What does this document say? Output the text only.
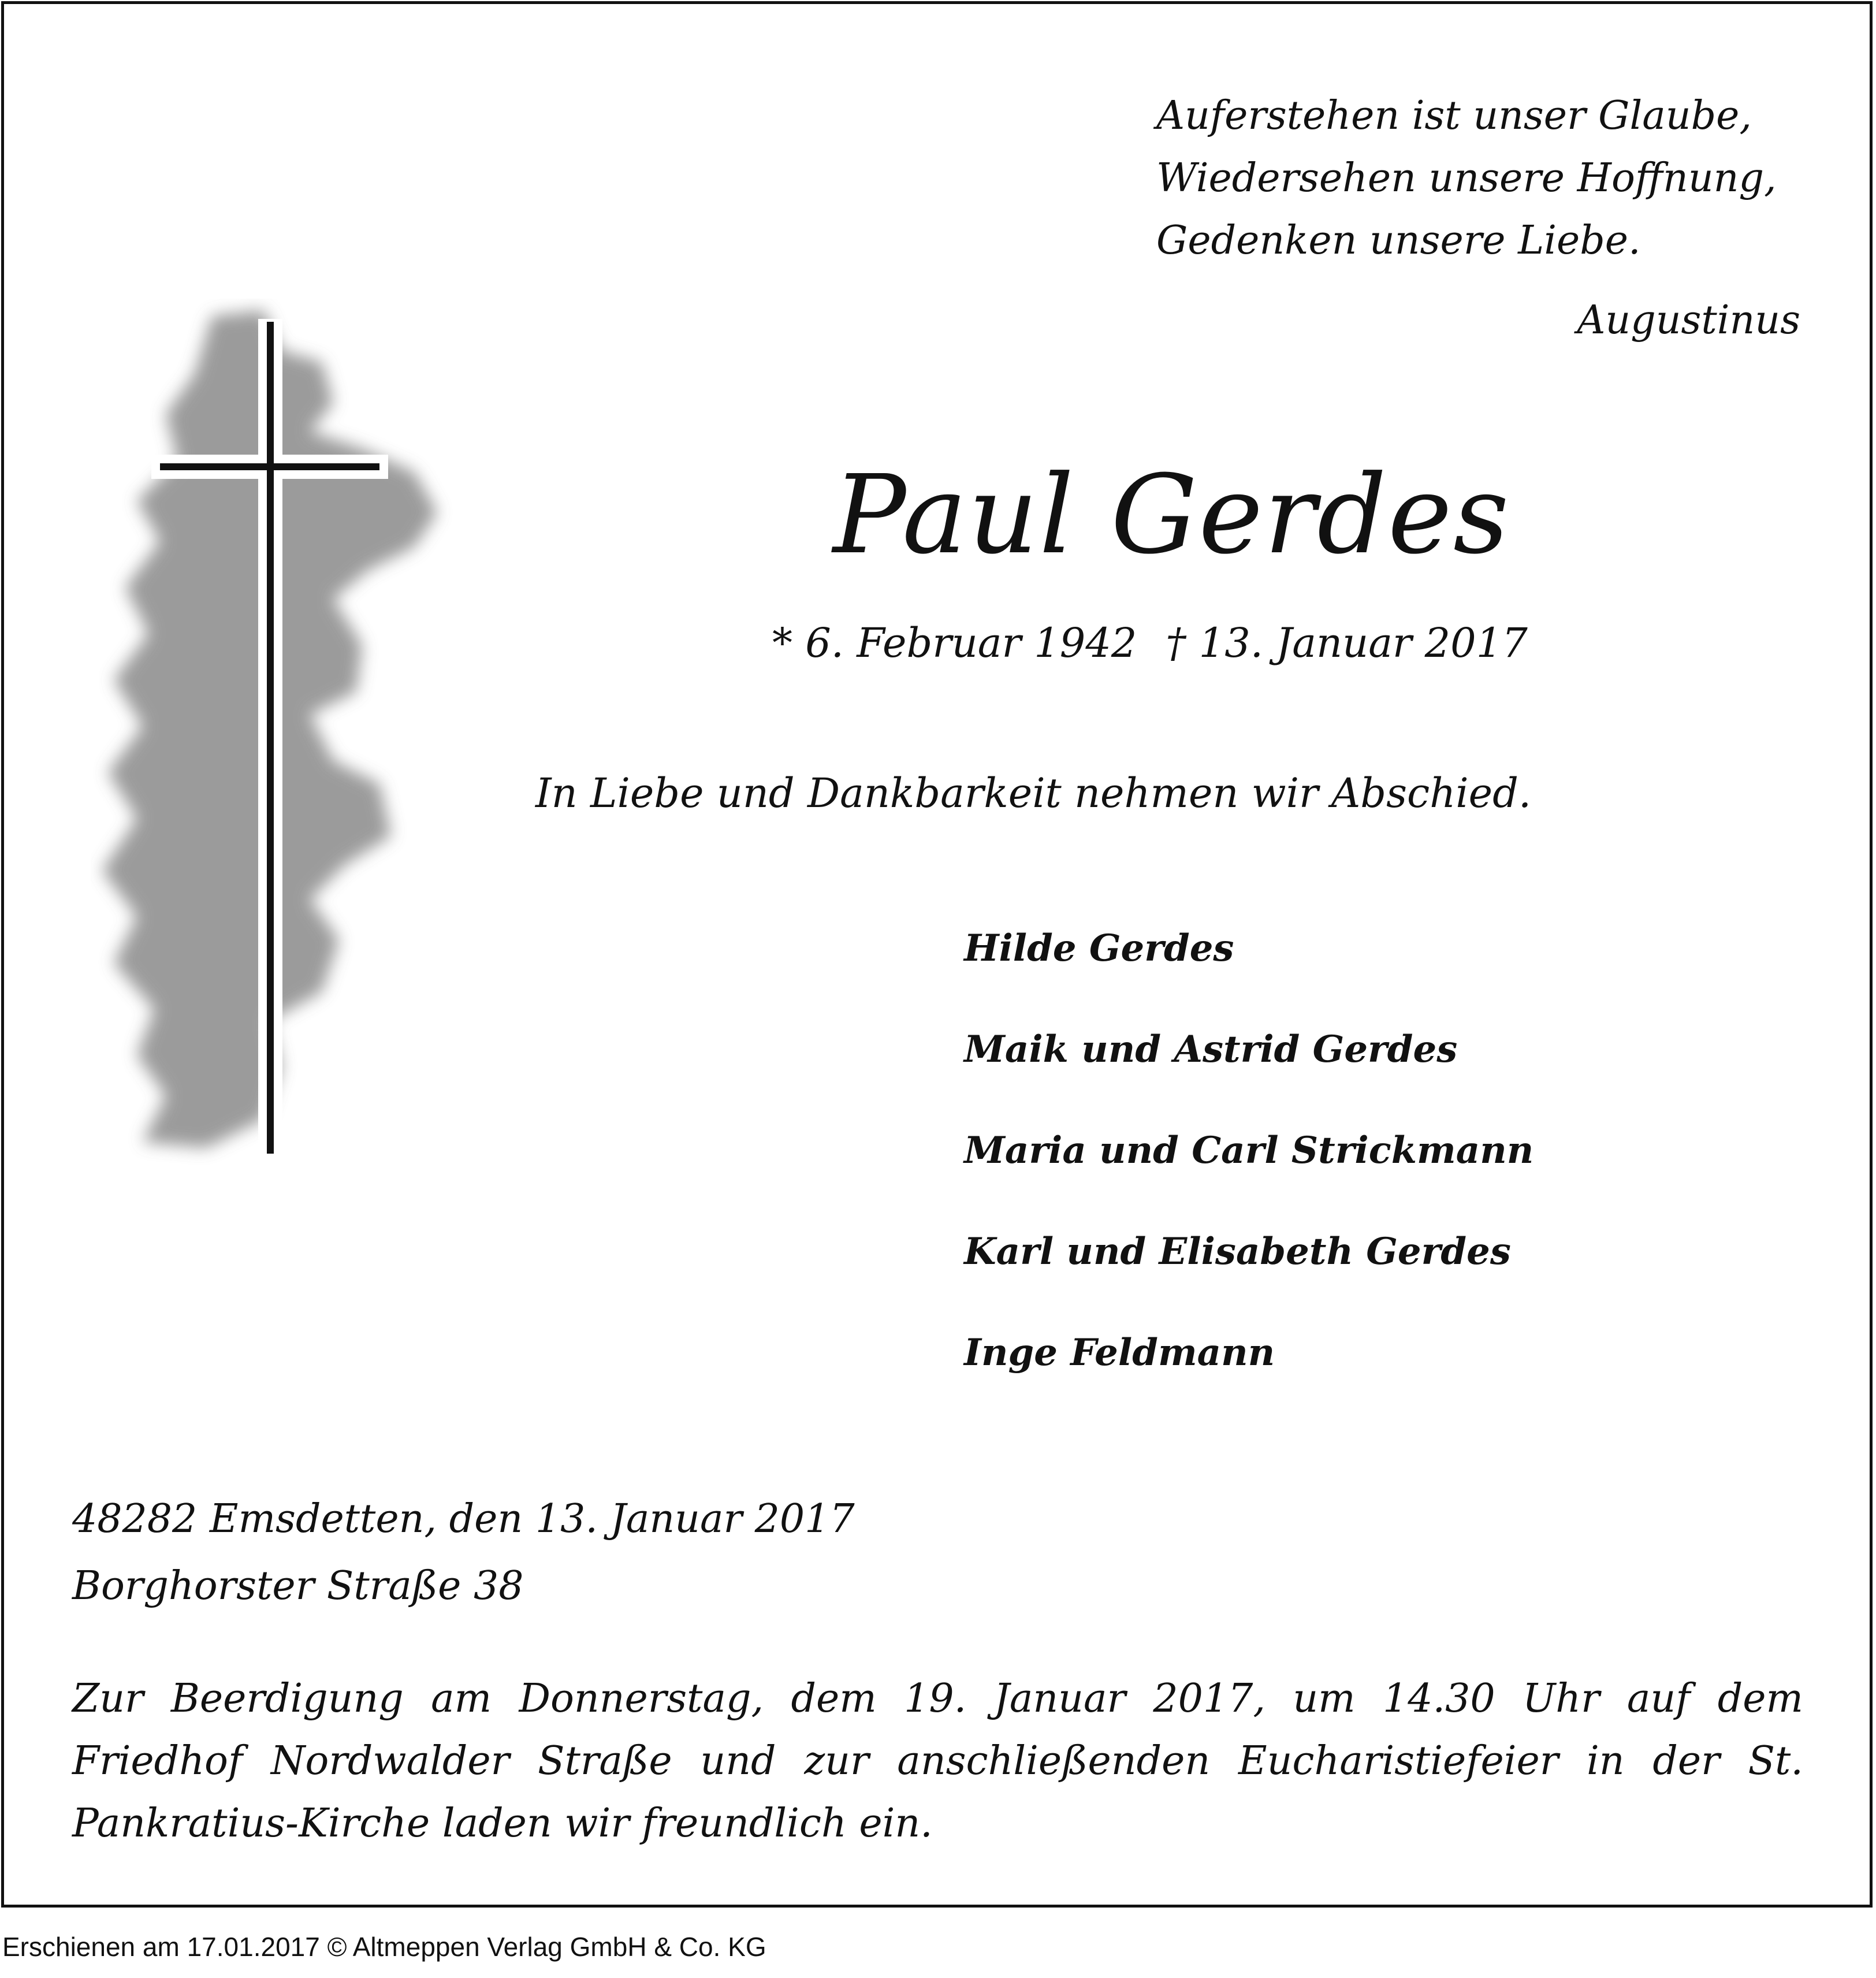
Auferstehen ist unser Glaube,
Wiedersehen unsere Hoffnung,
Gedenken unsere Liebe.
Augustinus
Paul Gerdes
* 6. Februar 1942 † 13. Januar 2017
In Liebe und Dankbarkeit nehmen wir Abschied.
Hilde Gerdes
Maik und Astrid Gerdes
Maria und Carl Strickmann
Karl und Elisabeth Gerdes
Inge Feldmann
48282 Emsdetten, den 13. Januar 2017
Borghorster Straße 38
Zur Beerdigung am Donnerstag, dem 19. Januar 2017, um 14.30 Uhr auf dem
Friedhof Nordwalder Straße und zur anschließenden Eucharistiefeier in der St.
Pankratius-Kirche laden wir freundlich ein.
Erschienen am 17.01.2017 © Altmeppen Verlag GmbH & Co. KG
